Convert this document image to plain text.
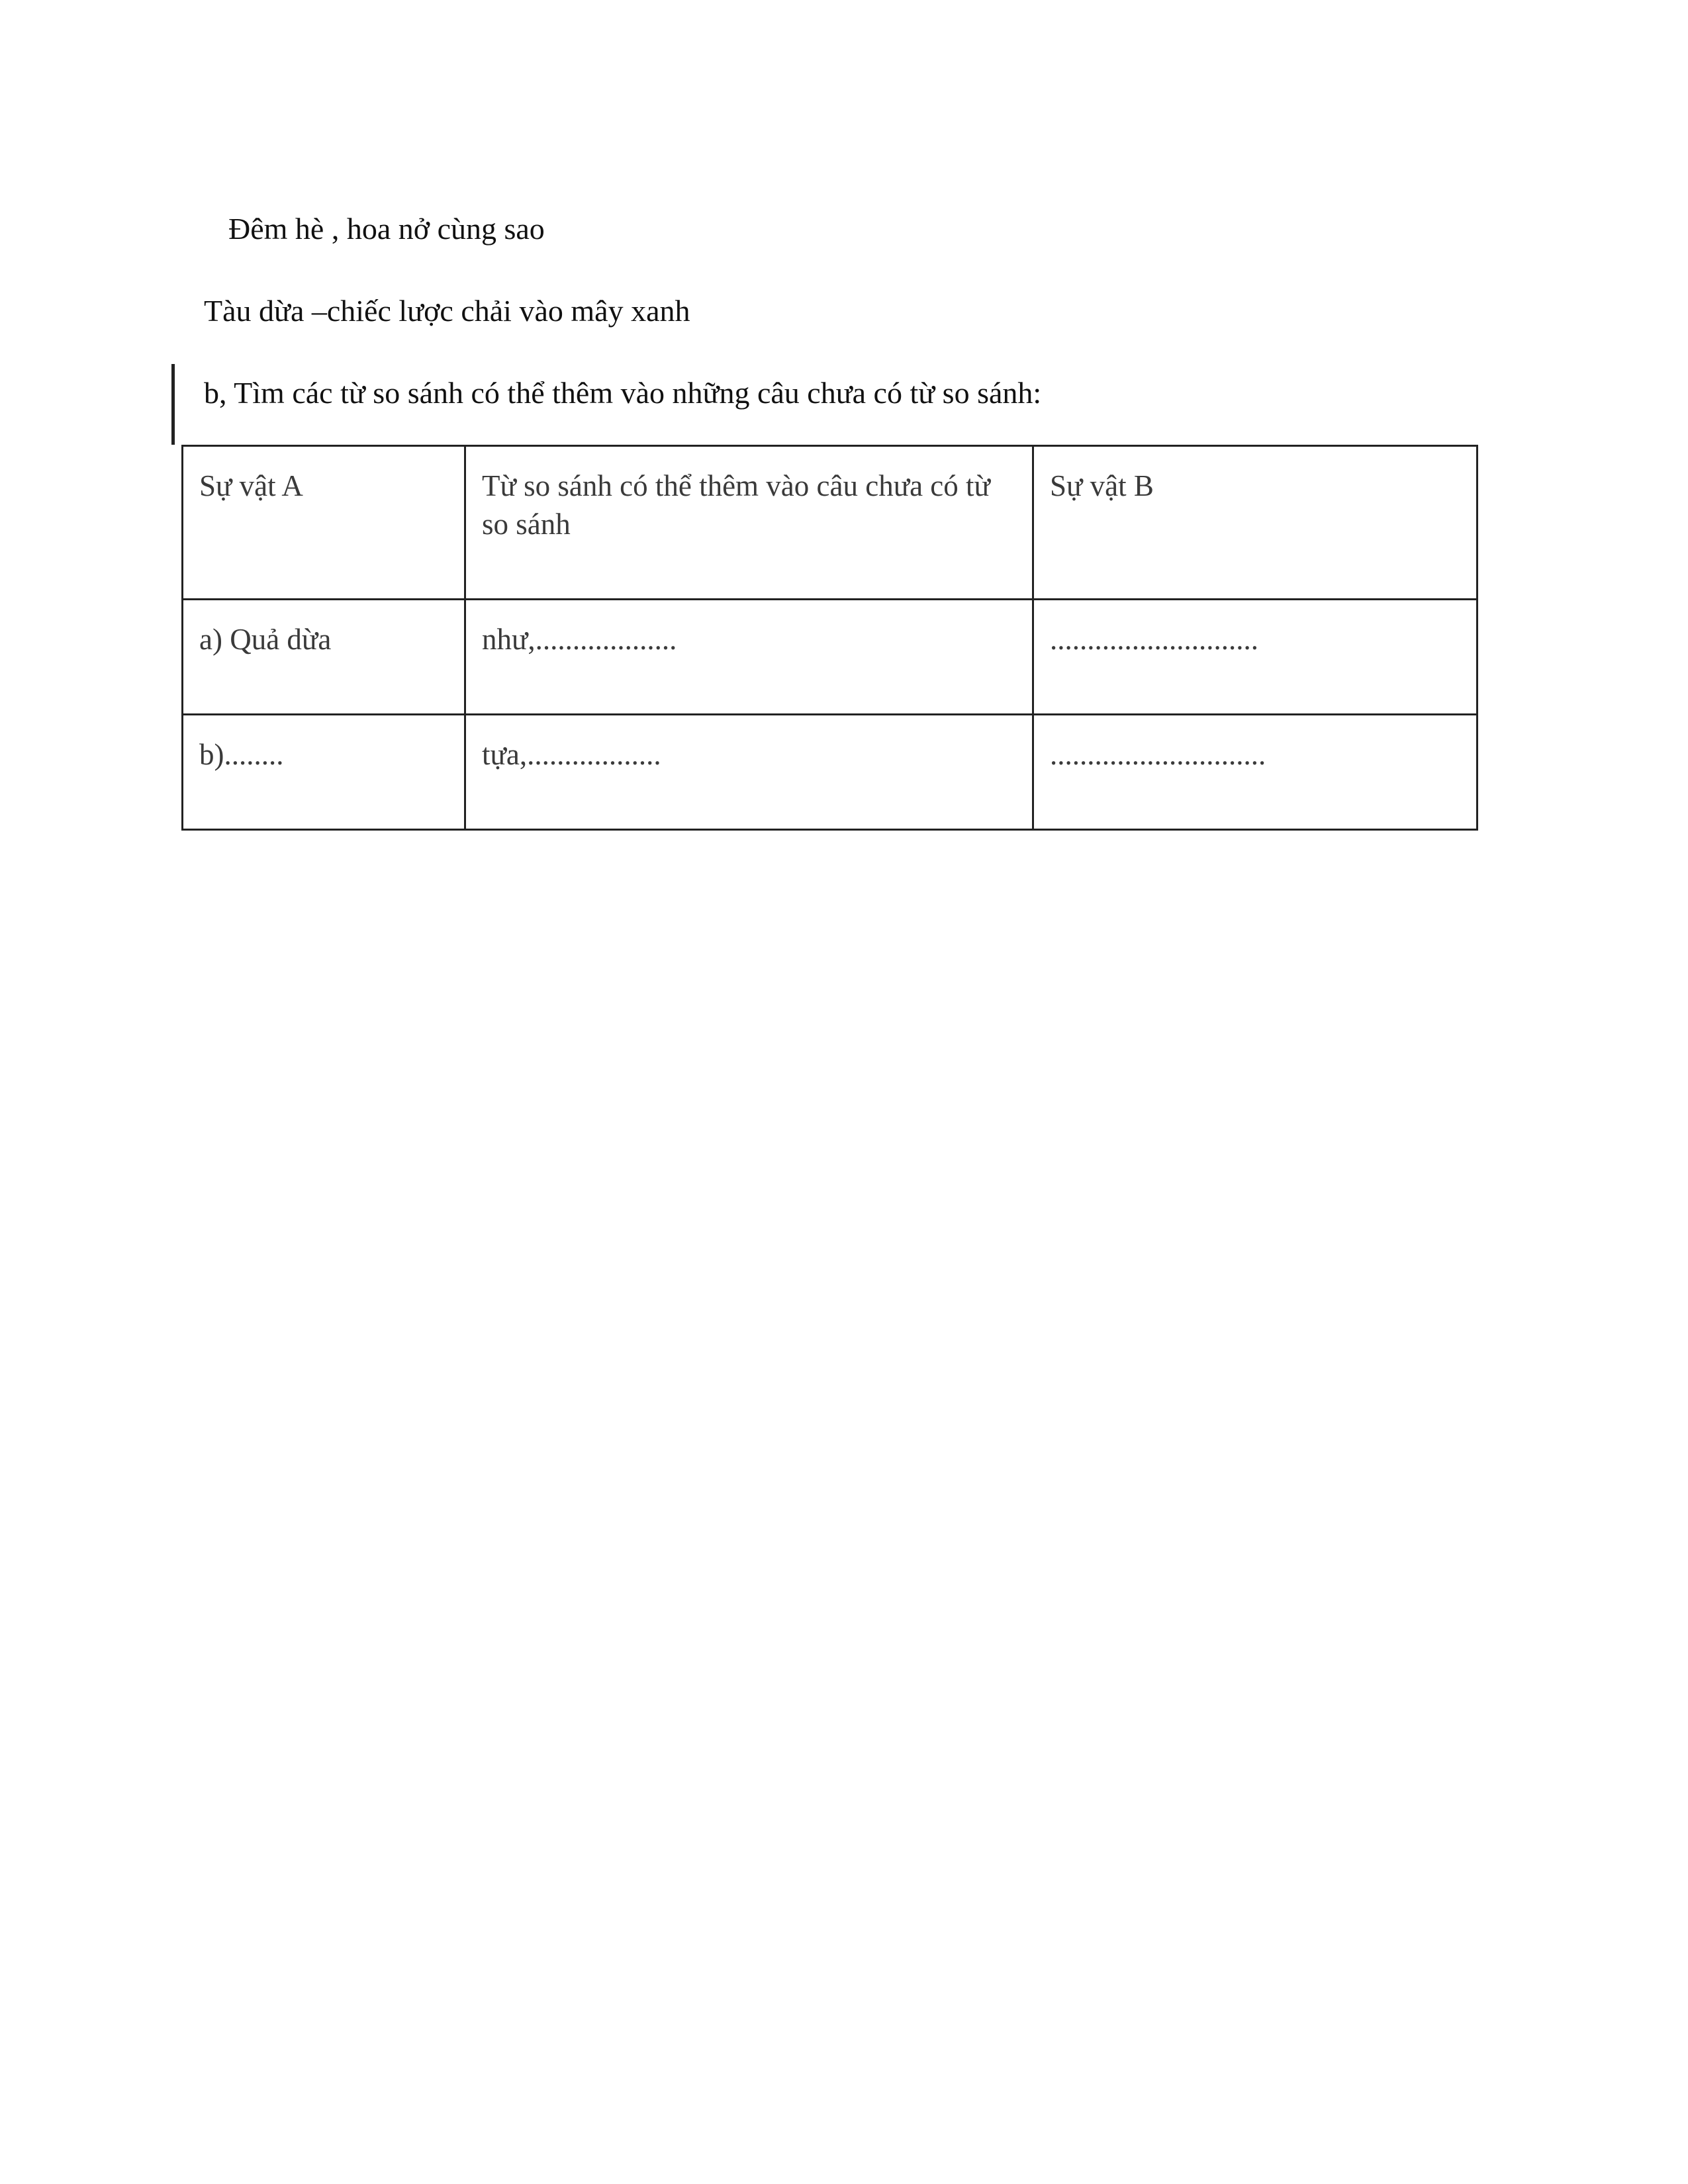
Đêm hè , hoa nở cùng sao
Tàu dừa –chiếc lược chải vào mây xanh
b, Tìm các từ so sánh có thể thêm vào những câu chưa có từ so sánh:
Sự vật A	Từ so sánh có thể thêm vào câu chưa có từ so sánh	Sự vật B
a) Quả dừa	như,...................	............................
b)........	tựa,..................	.............................
